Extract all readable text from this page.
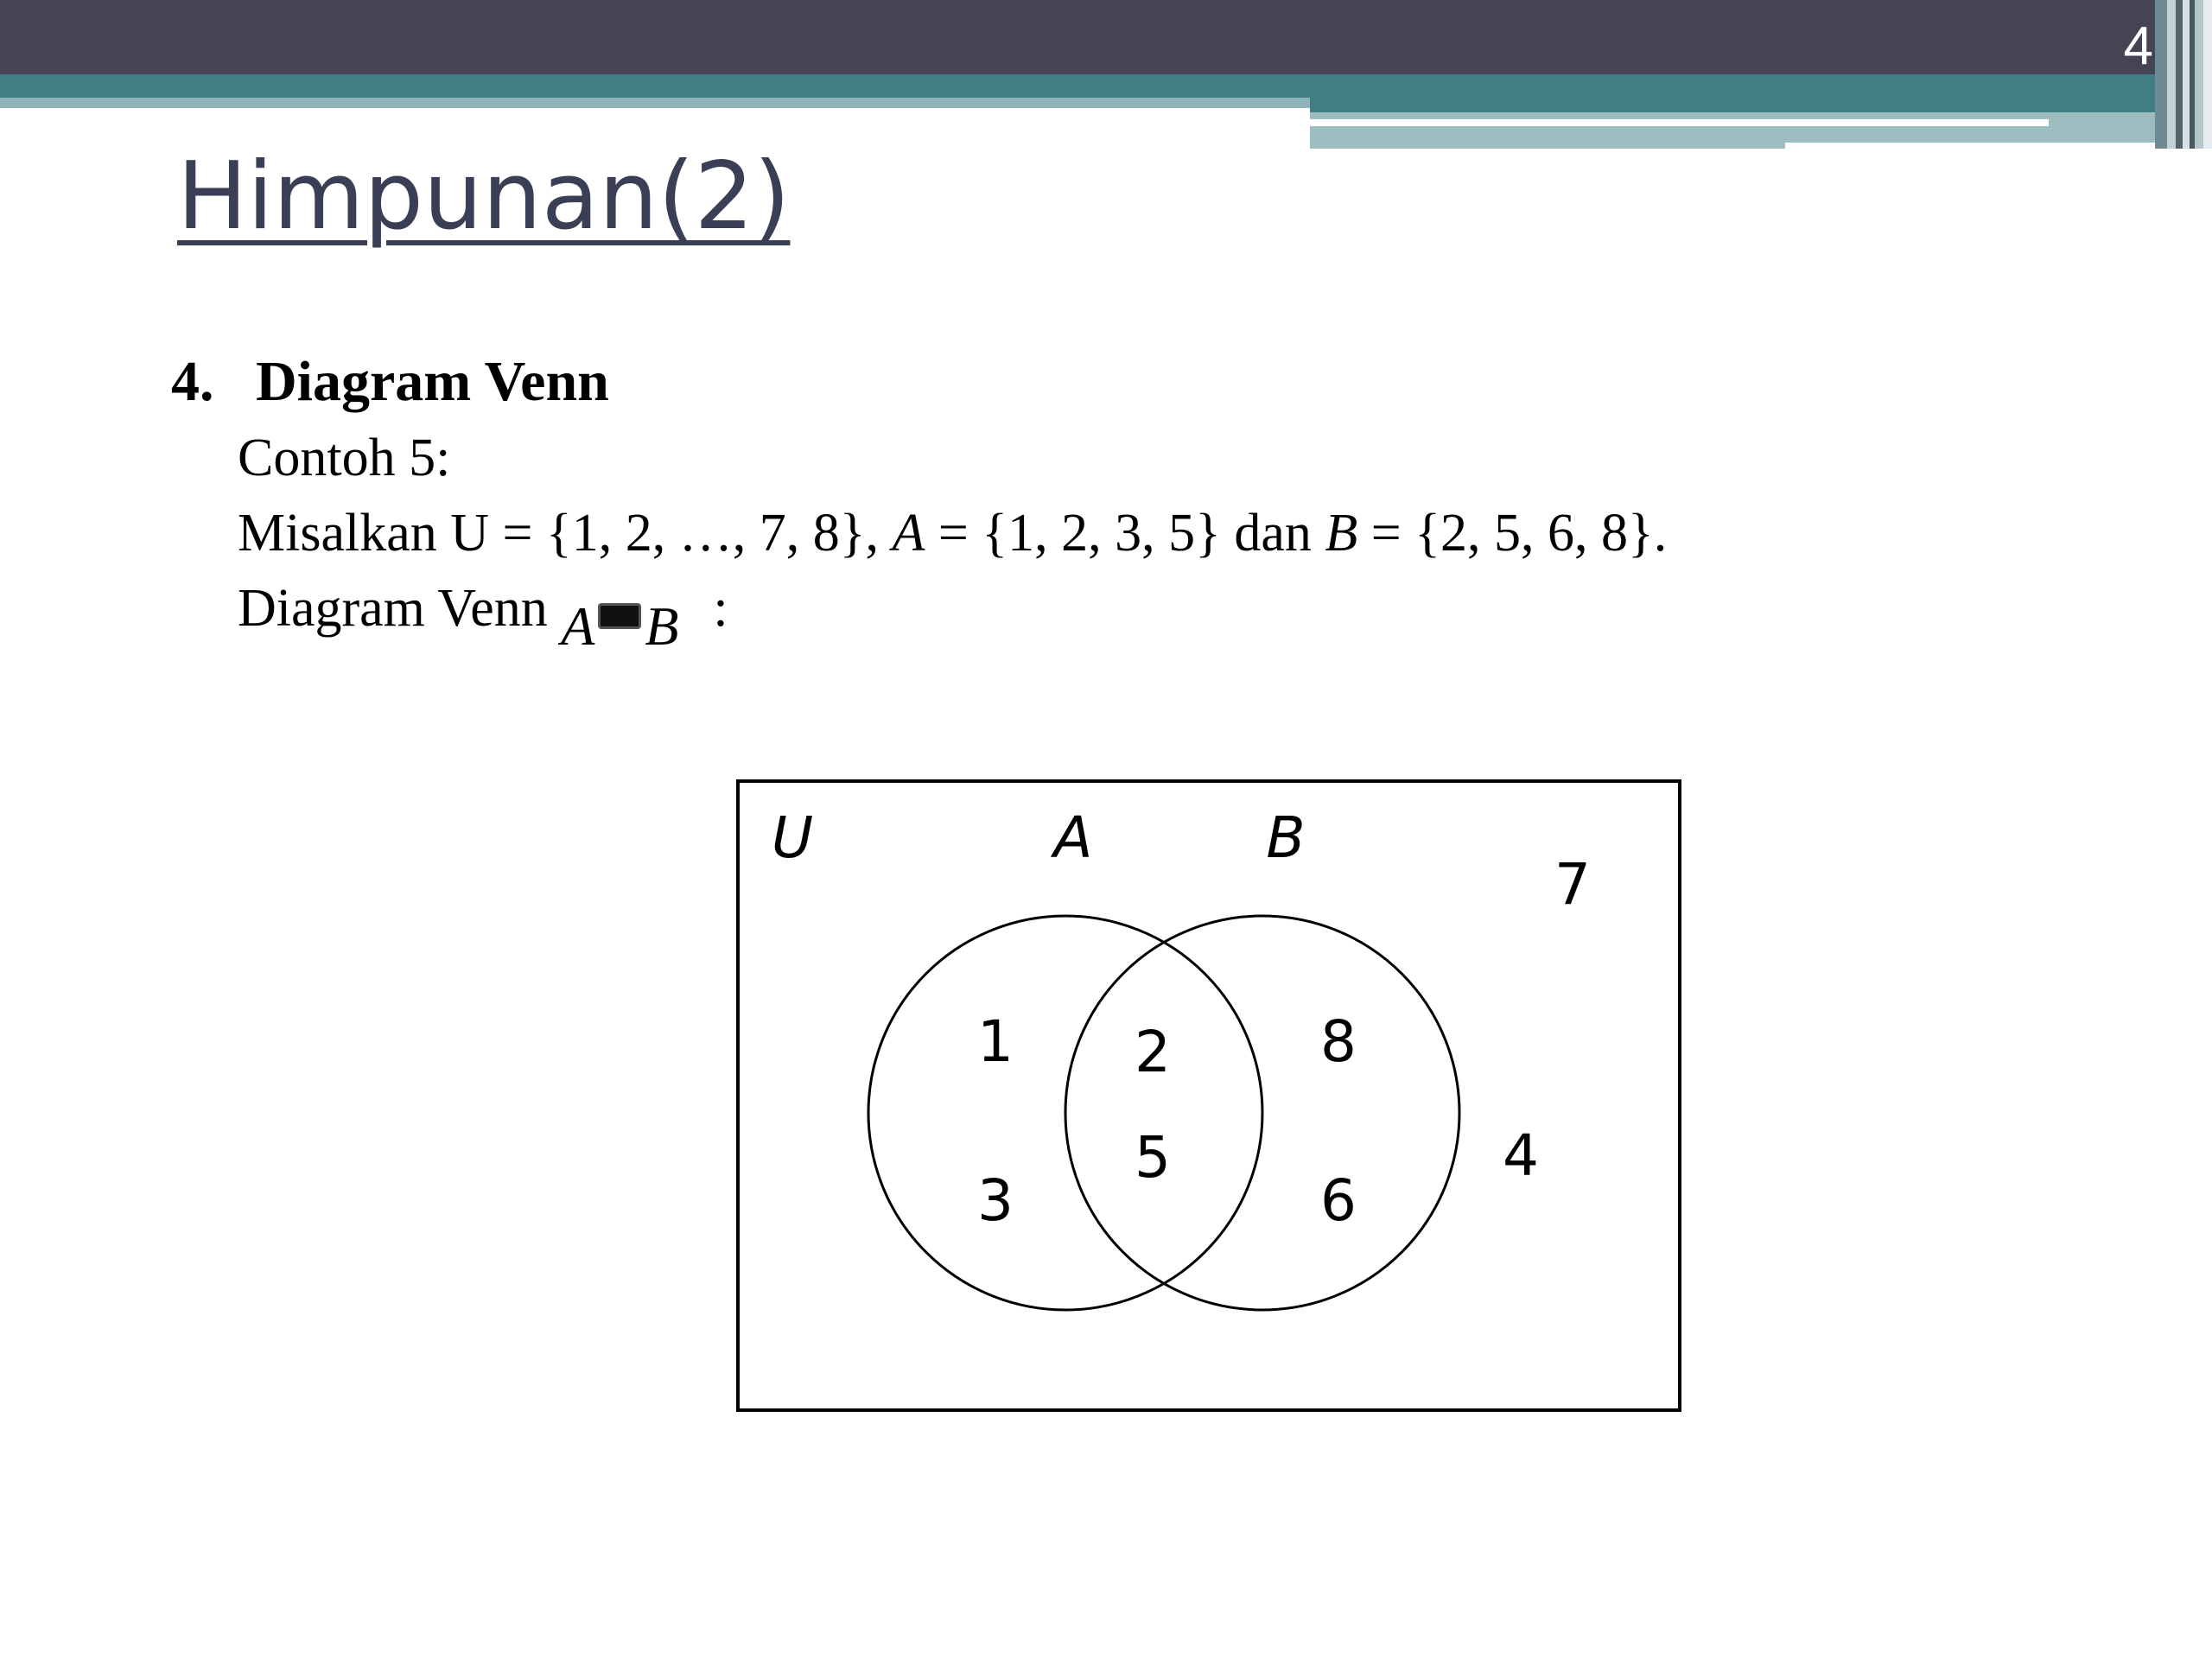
4
Himpunan(2)
4. Diagram Venn
Contoh 5:
Misalkan U = {1, 2, …, 7, 8}, A = {1, 2, 3, 5} dan B = {2, 5, 6, 8}.
Diagram Venn A B :
U	A	B
1
3
2
5
8
6
7
4
